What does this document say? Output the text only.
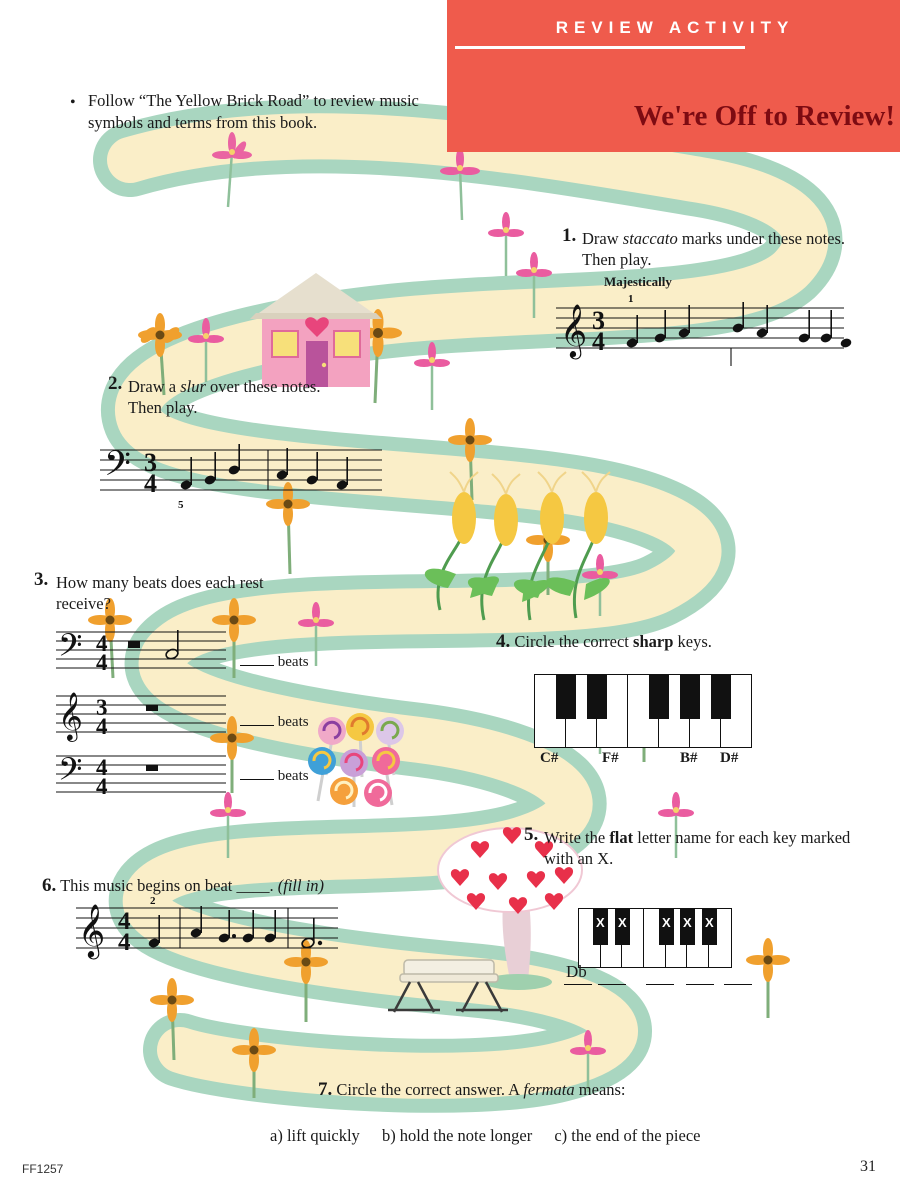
REVIEW ACTIVITY
We're Off to Review!
• Follow “The Yellow Brick Road” to review music symbols and terms from this book.
1. Draw staccato marks under these notes. Then play.
Majestically
𝄞 3
4
1
2. Draw a slur over these notes. Then play.
𝄢 3
4
5
3. How many beats does each rest receive?
𝄢 4
4	beats
𝄞 3
4	beats
𝄢 4
4	beats
4. Circle the correct sharp keys.
C#	F#	B# D#
5. Write the flat letter name for each key marked with an X.
X X	X X X
Db
6. This music begins on beat ____. (fill in)
𝄞 4
4
2
7. Circle the correct answer. A fermata means:
a) lift quickly b) hold the note longer c) the end of the piece
FF1257	31
